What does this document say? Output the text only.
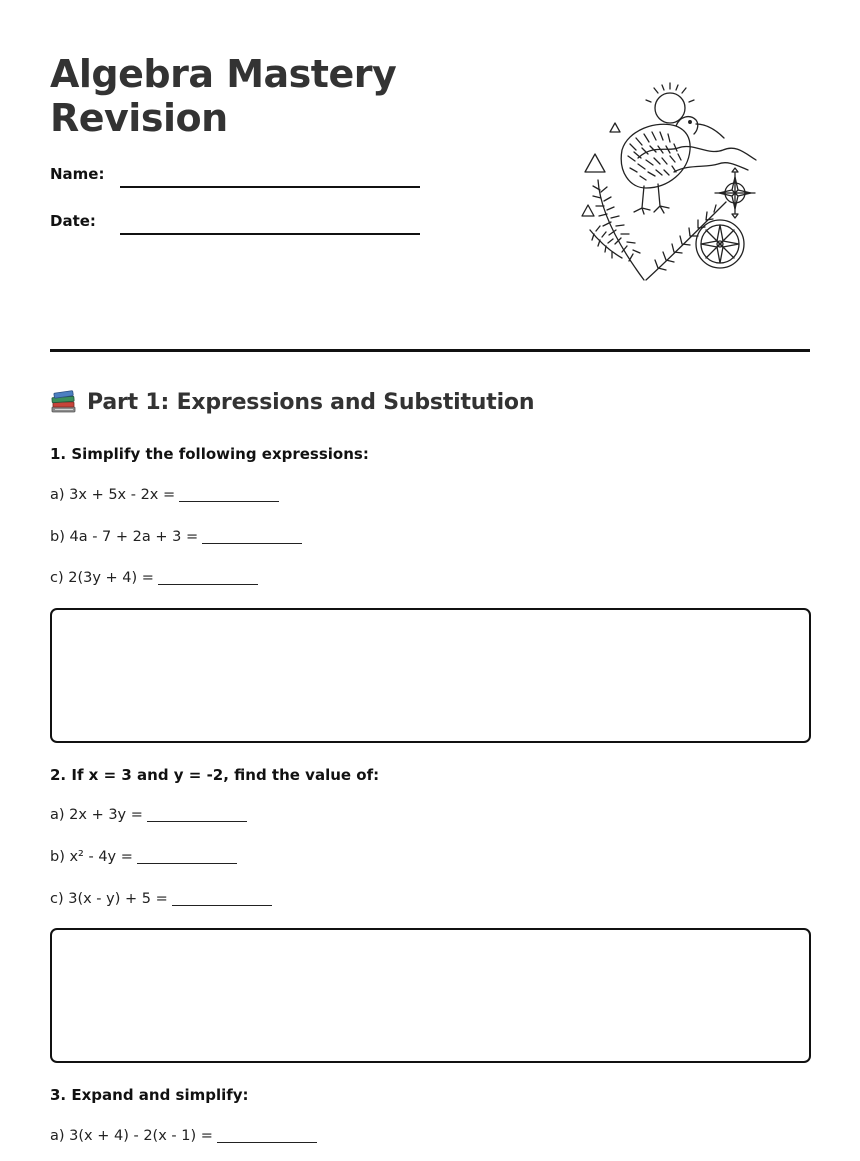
Algebra Mastery
Revision
Name:
Date:
Part 1: Expressions and Substitution
1. Simplify the following expressions:
a) 3x + 5x - 2x =
b) 4a - 7 + 2a + 3 =
c) 2(3y + 4) =
2. If x = 3 and y = -2, find the value of:
a) 2x + 3y =
b) x² - 4y =
c) 3(x - y) + 5 =
3. Expand and simplify:
a) 3(x + 4) - 2(x - 1) =
